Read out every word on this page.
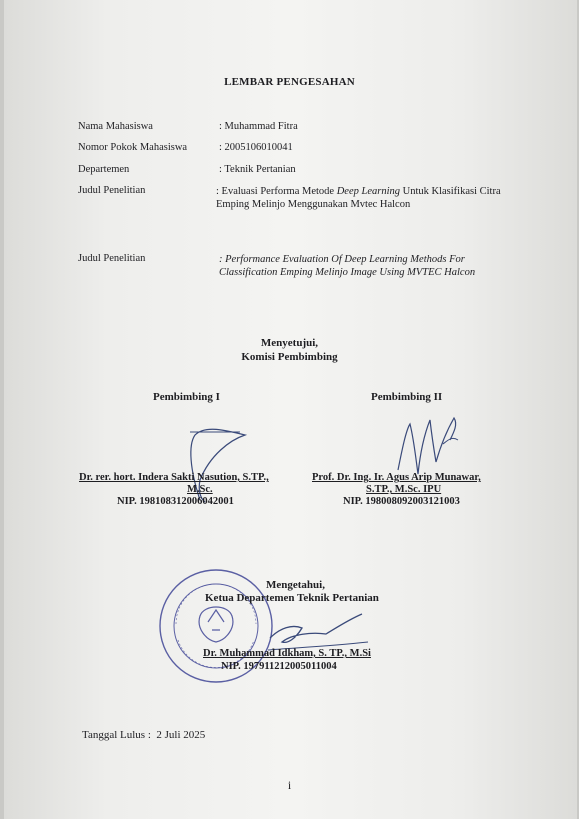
LEMBAR PENGESAHAN
Nama Mahasiswa	: Muhammad Fitra
Nomor Pokok Mahasiswa	: 2005106010041
Departemen	: Teknik Pertanian
Judul Penelitian	: Evaluasi Performa Metode Deep Learning Untuk Klasifikasi Citra Emping Melinjo Menggunakan Mvtec Halcon
Judul Penelitian	: Performance Evaluation Of Deep Learning Methods For Classification Emping Melinjo Image Using MVTEC Halcon
Menyetujui,
Komisi Pembimbing
Pembimbing I	Pembimbing II
Dr. rer. hort. Indera Sakti Nasution, S.TP.,
M.Sc.
NIP. 198108312006042001
Prof. Dr. Ing. Ir. Agus Arip Munawar,
S.TP., M.Sc. IPU
NIP. 198008092003121003
Mengetahui,
Ketua Departemen Teknik Pertanian
Dr. Muhammad Idkham, S. TP., M.Si
NIP. 197911212005011004
Tanggal Lulus : 2 Juli 2025
i
